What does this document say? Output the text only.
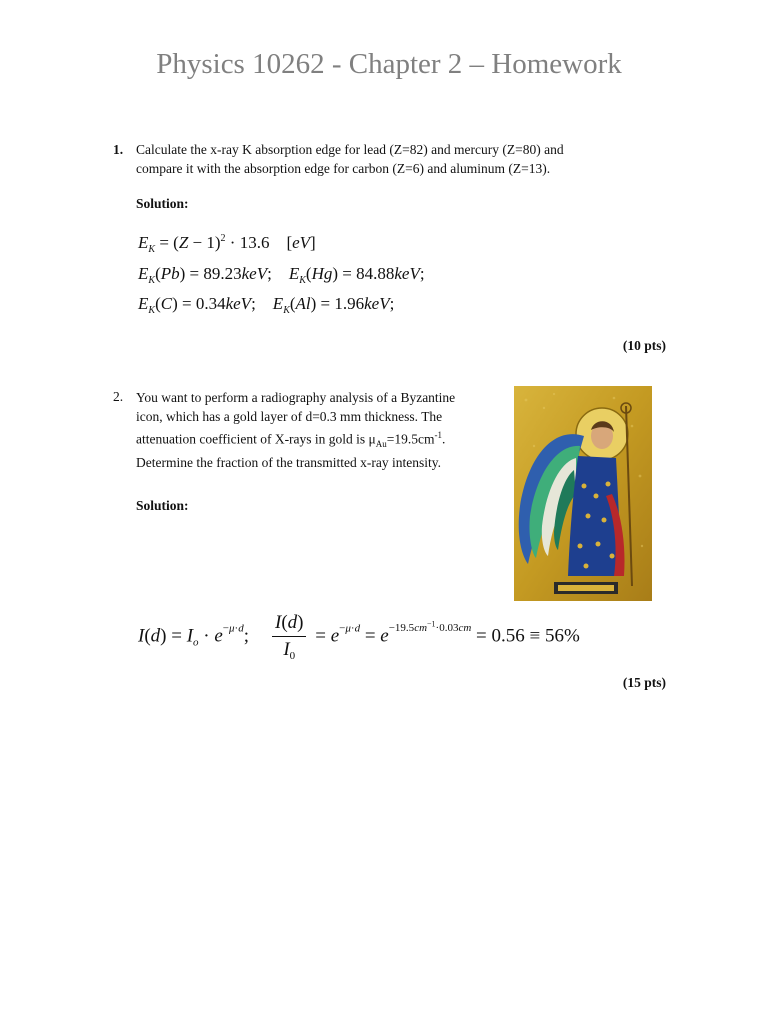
Physics 10262 - Chapter 2 – Homework
1. Calculate the x-ray K absorption edge for lead (Z=82) and mercury (Z=80) and
compare it with the absorption edge for carbon (Z=6) and aluminum (Z=13).
Solution:
$E_K = (Z - 1)^2 \cdot 13.6$    [eV]
$E_K(Pb) = 89.23keV$;    $E_K(Hg) = 84.88keV$;
$E_K(C) = 0.34keV$;    $E_K(Al) = 1.96keV$;
(10 pts)
2. You want to perform a radiography analysis of a Byzantine
icon, which has a gold layer of d=0.3 mm thickness. The
attenuation coefficient of X-rays in gold is $\mu_{Au}=19.5cm^{-1}$.
Determine the fraction of the transmitted x-ray intensity.
Solution:
$I(d) = I_o \cdot e^{-\mu\cdot d}$; $\frac{I(d)}{I_0} = e^{-\mu\cdot d} = e^{-19.5cm^{-1}\cdot 0.03cm} = 0.56 \equiv 56\%$
(15 pts)
